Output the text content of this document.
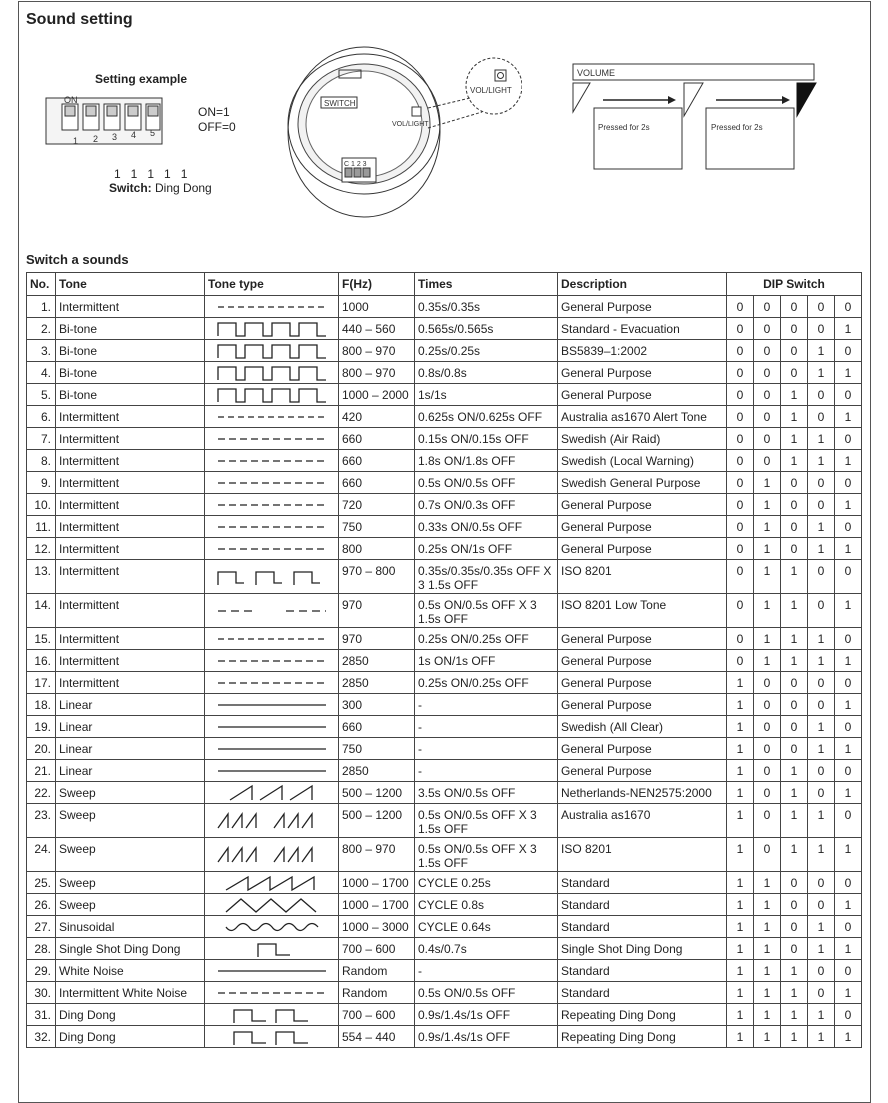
Sound setting
Setting example
ON
1 2 3 4 5
ON=1
OFF=0
1   1   1   1   1
Switch: Ding Dong
SWITCH
VOL/LIGHT
C 1 2 3
VOL/LIGHT
VOLUME
Pressed for 2s	Pressed for 2s
Switch a sounds
No.	Tone	Tone type	F(Hz)	Times	Description	DIP Switch				
1.	Intermittent		1000	0.35s/0.35s	General Purpose	0	0	0	0	0
2.	Bi-tone		440 – 560	0.565s/0.565s	Standard - Evacuation	0	0	0	0	1
3.	Bi-tone		800 – 970	0.25s/0.25s	BS5839–1:2002	0	0	0	1	0
4.	Bi-tone		800 – 970	0.8s/0.8s	General Purpose	0	0	0	1	1
5.	Bi-tone		1000 – 2000	1s/1s	General Purpose	0	0	1	0	0
6.	Intermittent		420	0.625s ON/0.625s OFF	Australia as1670 Alert Tone	0	0	1	0	1
7.	Intermittent		660	0.15s ON/0.15s OFF	Swedish (Air Raid)	0	0	1	1	0
8.	Intermittent		660	1.8s ON/1.8s OFF	Swedish (Local Warning)	0	0	1	1	1
9.	Intermittent		660	0.5s ON/0.5s OFF	Swedish General Purpose	0	1	0	0	0
10.	Intermittent		720	0.7s ON/0.3s OFF	General Purpose	0	1	0	0	1
11.	Intermittent		750	0.33s ON/0.5s OFF	General Purpose	0	1	0	1	0
12.	Intermittent		800	0.25s ON/1s OFF	General Purpose	0	1	0	1	1
13.	Intermittent		970 – 800	0.35s/0.35s/0.35s OFF X 3 1.5s OFF	ISO 8201	0	1	1	0	0
14.	Intermittent		970	0.5s ON/0.5s OFF X 3 1.5s OFF	ISO 8201 Low Tone	0	1	1	0	1
15.	Intermittent		970	0.25s ON/0.25s OFF	General Purpose	0	1	1	1	0
16.	Intermittent		2850	1s ON/1s OFF	General Purpose	0	1	1	1	1
17.	Intermittent		2850	0.25s ON/0.25s OFF	General Purpose	1	0	0	0	0
18.	Linear		300	-	General Purpose	1	0	0	0	1
19.	Linear		660	-	Swedish (All Clear)	1	0	0	1	0
20.	Linear		750	-	General Purpose	1	0	0	1	1
21.	Linear		2850	-	General Purpose	1	0	1	0	0
22.	Sweep		500 – 1200	3.5s ON/0.5s OFF	Netherlands-NEN2575:2000	1	0	1	0	1
23.	Sweep		500 – 1200	0.5s ON/0.5s OFF X 3 1.5s OFF	Australia as1670	1	0	1	1	0
24.	Sweep		800 – 970	0.5s ON/0.5s OFF X 3 1.5s OFF	ISO 8201	1	0	1	1	1
25.	Sweep		1000 – 1700	CYCLE 0.25s	Standard	1	1	0	0	0
26.	Sweep		1000 – 1700	CYCLE 0.8s	Standard	1	1	0	0	1
27.	Sinusoidal		1000 – 3000	CYCLE 0.64s	Standard	1	1	0	1	0
28.	Single Shot Ding Dong		700 – 600	0.4s/0.7s	Single Shot Ding Dong	1	1	0	1	1
29.	White Noise		Random	-	Standard	1	1	1	0	0
30.	Intermittent White Noise		Random	0.5s ON/0.5s OFF	Standard	1	1	1	0	1
31.	Ding Dong		700 – 600	0.9s/1.4s/1s OFF	Repeating Ding Dong	1	1	1	1	0
32.	Ding Dong		554 – 440	0.9s/1.4s/1s OFF	Repeating Ding Dong	1	1	1	1	1
